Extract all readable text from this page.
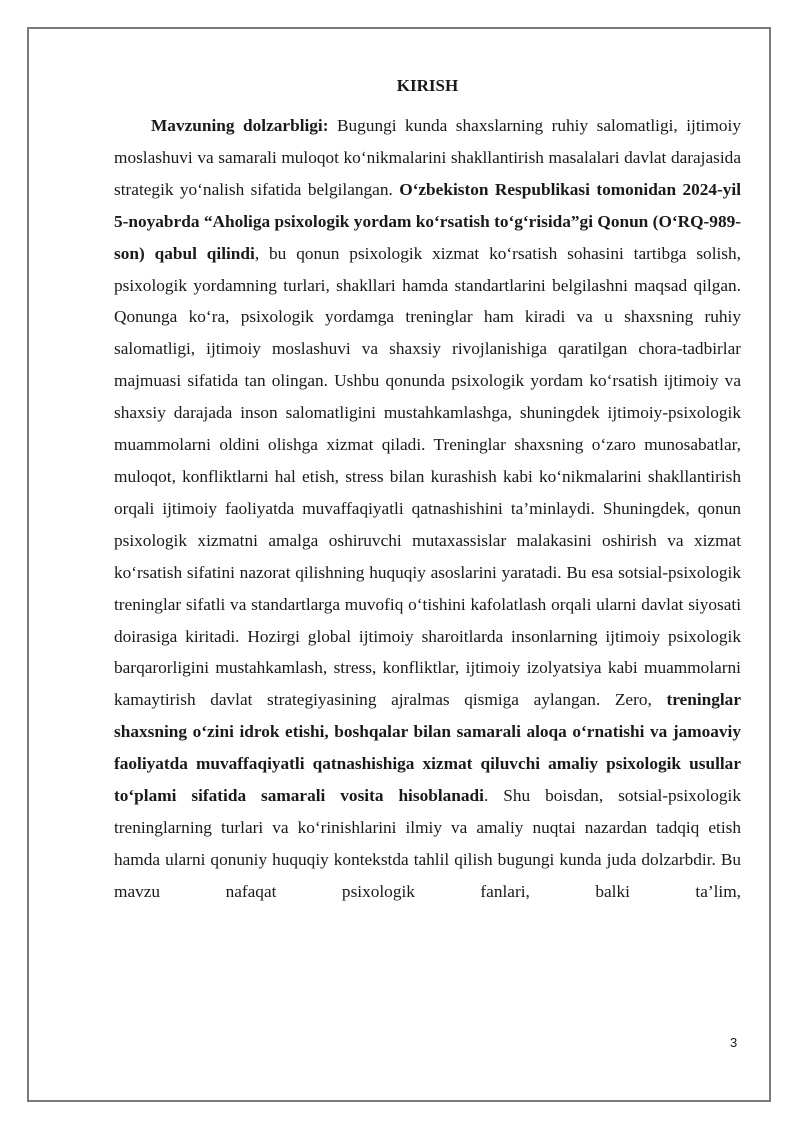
KIRISH

Mavzuning dolzarbligi: Bugungi kunda shaxslarning ruhiy salomatligi, ijtimoiy moslashuvi va samarali muloqot ko‘nikmalarini shakllantirish masalalari davlat darajasida strategik yo‘nalish sifatida belgilangan. O‘zbekiston Respublikasi tomonidan 2024-yil 5-noyabrda “Aholiga psixologik yordam ko‘rsatish to‘g‘risida”gi Qonun (O‘RQ-989-son) qabul qilindi, bu qonun psixologik xizmat ko‘rsatish sohasini tartibga solish, psixologik yordamning turlari, shakllari hamda standartlarini belgilashni maqsad qilgan. Qonunga ko‘ra, psixologik yordamga treninglar ham kiradi va u shaxsning ruhiy salomatligi, ijtimoiy moslashuvi va shaxsiy rivojlanishiga qaratilgan chora-tadbirlar majmuasi sifatida tan olingan. Ushbu qonunda psixologik yordam ko‘rsatish ijtimoiy va shaxsiy darajada inson salomatligini mustahkamlashga, shuningdek ijtimoiy-psixologik muammolarni oldini olishga xizmat qiladi. Treninglar shaxsning o‘zaro munosabatlar, muloqot, konfliktlarni hal etish, stress bilan kurashish kabi ko‘nikmalarini shakllantirish orqali ijtimoiy faoliyatda muvaffaqiyatli qatnashishini ta’minlaydi. Shuningdek, qonun psixologik xizmatni amalga oshiruvchi mutaxassislar malakasini oshirish va xizmat ko‘rsatish sifatini nazorat qilishning huquqiy asoslarini yaratadi. Bu esa sotsial-psixologik treninglar sifatli va standartlarga muvofiq o‘tishini kafolatlash orqali ularni davlat siyosati doirasiga kiritadi. Hozirgi global ijtimoiy sharoitlarda insonlarning ijtimoiy psixologik barqarorligini mustahkamlash, stress, konfliktlar, ijtimoiy izolyatsiya kabi muammolarni kamaytirish davlat strategiyasining ajralmas qismiga aylangan. Zero, treninglar shaxsning o‘zini idrok etishi, boshqalar bilan samarali aloqa o‘rnatishi va jamoaviy faoliyatda muvaffaqiyatli qatnashishiga xizmat qiluvchi amaliy psixologik usullar to‘plami sifatida samarali vosita hisoblanadi. Shu boisdan, sotsial-psixologik treninglarning turlari va ko‘rinishlarini ilmiy va amaliy nuqtai nazardan tadqiq etish hamda ularni qonuniy huquqiy kontekstda tahlil qilish bugungi kunda juda dolzarbdir. Bu mavzu nafaqat psixologik fanlari, balki ta’lim,

3
